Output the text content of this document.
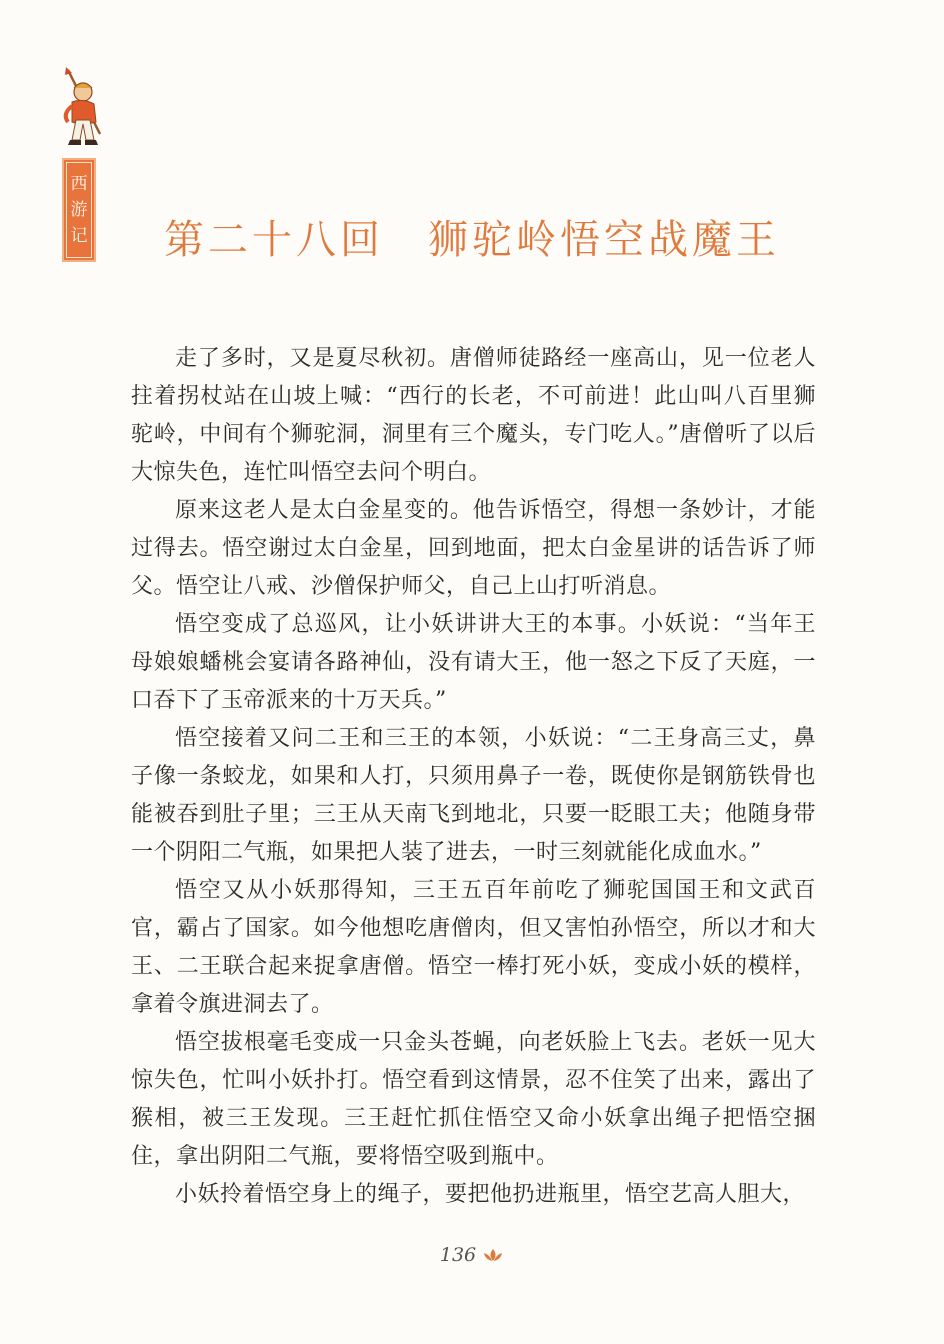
西
游
记	第二十八回 狮驼岭悟空战魔王

走了多时，又是夏尽秋初。唐僧师徒路经一座高山，见一位老人拄着拐杖站在山坡上喊：“西行的长老，不可前进！此山叫八百里狮驼岭，中间有个狮驼洞，洞里有三个魔头，专门吃人。”唐僧听了以后大惊失色，连忙叫悟空去问个明白。

原来这老人是太白金星变的。他告诉悟空，得想一条妙计，才能过得去。悟空谢过太白金星，回到地面，把太白金星讲的话告诉了师父。悟空让八戒、沙僧保护师父，自己上山打听消息。

悟空变成了总巡风，让小妖讲讲大王的本事。小妖说：“当年王母娘娘蟠桃会宴请各路神仙，没有请大王，他一怒之下反了天庭，一口吞下了玉帝派来的十万天兵。”

悟空接着又问二王和三王的本领，小妖说：“二王身高三丈，鼻子像一条蛟龙，如果和人打，只须用鼻子一卷，既使你是钢筋铁骨也能被吞到肚子里；三王从天南飞到地北，只要一眨眼工夫；他随身带一个阴阳二气瓶，如果把人装了进去，一时三刻就能化成血水。”

悟空又从小妖那得知，三王五百年前吃了狮驼国国王和文武百官，霸占了国家。如今他想吃唐僧肉，但又害怕孙悟空，所以才和大王、二王联合起来捉拿唐僧。悟空一棒打死小妖，变成小妖的模样，拿着令旗进洞去了。

悟空拔根毫毛变成一只金头苍蝇，向老妖脸上飞去。老妖一见大惊失色，忙叫小妖扑打。悟空看到这情景，忍不住笑了出来，露出了猴相，被三王发现。三王赶忙抓住悟空又命小妖拿出绳子把悟空捆住，拿出阴阳二气瓶，要将悟空吸到瓶中。

小妖拎着悟空身上的绳子，要把他扔进瓶里，悟空艺高人胆大，

136
